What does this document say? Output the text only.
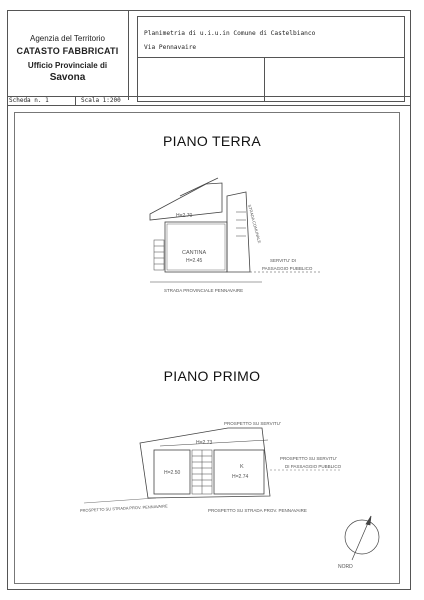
Agenzia del Territorio
CATASTO FABBRICATI
Ufficio Provinciale di
Savona
Planimetria di u.i.u.in Comune di Castelbianco
Via Pennavaire
Scheda n. 1	Scala 1:200
PIANO TERRA
PIANO PRIMO
H=2.70
CANTINA
H=2.45
STRADA COMUNALE
SERVITU' DI
PASSAGGIO PUBBLICO
STRADA PROVINCIALE PENNAVAIRE
PROSPETTO SU SERVITU'
H=2.73
H=2.50
K
H=2.74
PROSPETTO SU SERVITU'
DI PASSAGGIO PUBBLICO
PROSPETTO SU STRADA PROV. PENNAVAIRE	PROSPETTO SU STRADA PROV. PENNAVAIRE
NORD
